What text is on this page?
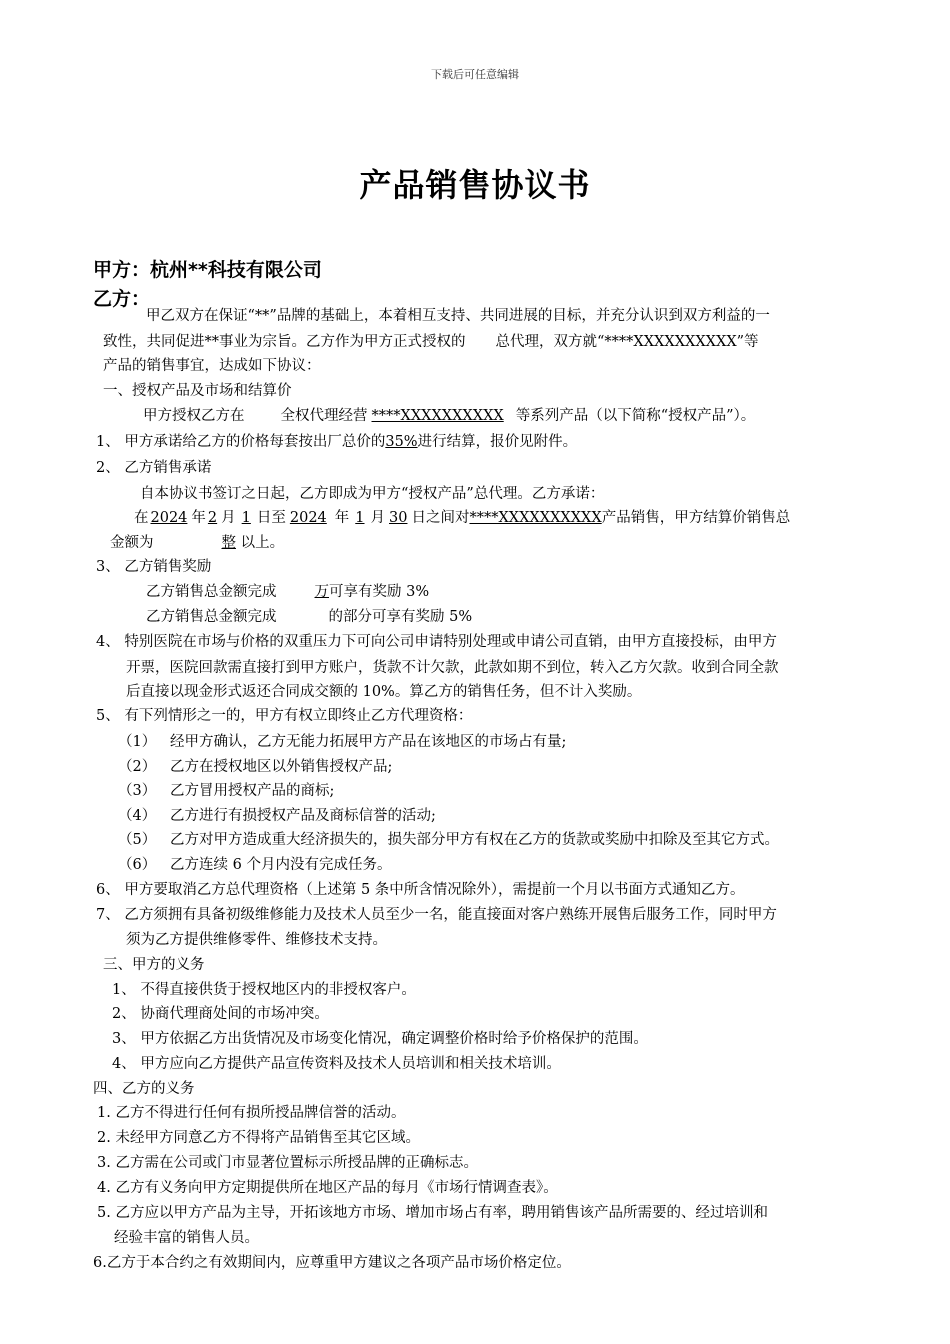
下载后可任意编辑
产品销售协议书
甲方：杭州**科技有限公司
乙方：
甲乙双方在保证“**”品牌的基础上，本着相互支持、共同进展的目标，并充分认识到双方利益的一
致性，共同促进**事业为宗旨。乙方作为甲方正式授权的 总代理，双方就“****XXXXXXXXXX”等
产品的销售事宜，达成如下协议：
一、授权产品及市场和结算价
甲方授权乙方在 全权代理经营 ****XXXXXXXXXX 等系列产品（以下简称“授权产品”）。
1、 甲方承诺给乙方的价格每套按出厂总价的35%进行结算，报价见附件。
2、 乙方销售承诺
自本协议书签订之日起，乙方即成为甲方“授权产品”总代理。乙方承诺：
在 2024 年 2 月 1 日至 2024 年 1 月 30 日之间对****XXXXXXXXXX产品销售，甲方结算价销售总
金额为	整 以上。
3、 乙方销售奖励
乙方销售总金额完成	万可享有奖励 3%
乙方销售总金额完成	的部分可享有奖励 5%
4、 特别医院在市场与价格的双重压力下可向公司申请特别处理或申请公司直销，由甲方直接投标，由甲方
开票，医院回款需直接打到甲方账户，货款不计欠款，此款如期不到位，转入乙方欠款。收到合同全款
后直接以现金形式返还合同成交额的 10%。算乙方的销售任务，但不计入奖励。
5、 有下列情形之一的，甲方有权立即终止乙方代理资格：
（1） 经甲方确认，乙方无能力拓展甲方产品在该地区的市场占有量;
（2） 乙方在授权地区以外销售授权产品;
（3） 乙方冒用授权产品的商标;
（4） 乙方进行有损授权产品及商标信誉的活动;
（5） 乙方对甲方造成重大经济损失的，损失部分甲方有权在乙方的货款或奖励中扣除及至其它方式。
（6） 乙方连续 6 个月内没有完成任务。
6、 甲方要取消乙方总代理资格（上述第 5 条中所含情况除外），需提前一个月以书面方式通知乙方。
7、 乙方须拥有具备初级维修能力及技术人员至少一名，能直接面对客户熟练开展售后服务工作，同时甲方
须为乙方提供维修零件、维修技术支持。
三、甲方的义务
1、 不得直接供货于授权地区内的非授权客户。
2、 协商代理商处间的市场冲突。
3、 甲方依据乙方出货情况及市场变化情况，确定调整价格时给予价格保护的范围。
4、 甲方应向乙方提供产品宣传资料及技术人员培训和相关技术培训。
四、乙方的义务
1. 乙方不得进行任何有损所授品牌信誉的活动。
2. 未经甲方同意乙方不得将产品销售至其它区域。
3. 乙方需在公司或门市显著位置标示所授品牌的正确标志。
4. 乙方有义务向甲方定期提供所在地区产品的每月《市场行情调查表》。
5. 乙方应以甲方产品为主导，开拓该地方市场、增加市场占有率，聘用销售该产品所需要的、经过培训和
经验丰富的销售人员。
6.乙方于本合约之有效期间内，应尊重甲方建议之各项产品市场价格定位。
